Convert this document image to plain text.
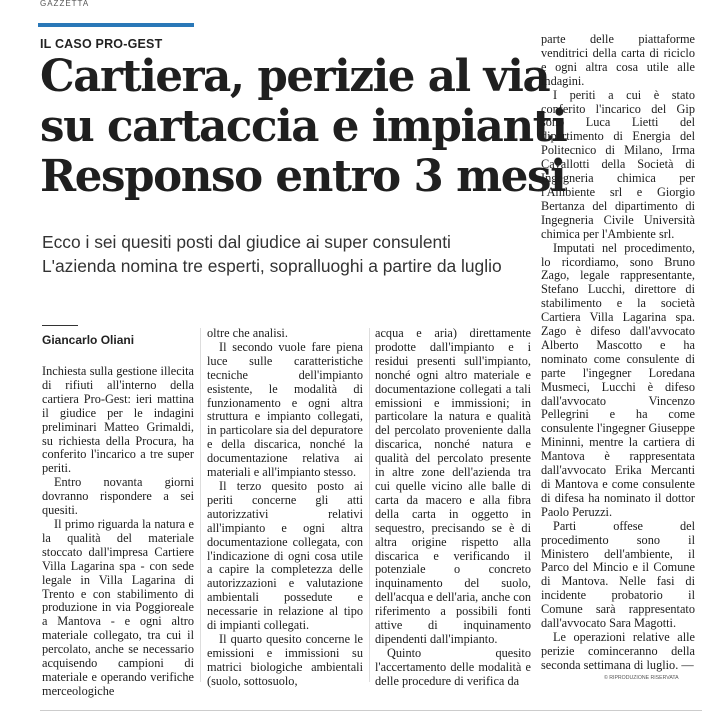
GAZZETTA
IL CASO PRO-GEST
Cartiera, perizie al via
su cartaccia e impianti
Responso entro 3 mesi
Ecco i sei quesiti posti dal giudice ai super consulenti
L'azienda nomina tre esperti, sopralluoghi a partire da luglio
Giancarlo Oliani

Inchiesta sulla gestione illecita di rifiuti all'interno della cartiera Pro-Gest: ieri mattina il giudice per le indagini preliminari Matteo Grimaldi, su richiesta della Procura, ha conferito l'incarico a tre super periti.

Entro novanta giorni dovranno rispondere a sei quesiti.

Il primo riguarda la natura e la qualità del materiale stoccato dall'impresa Cartiere Villa Lagarina spa - con sede legale in Villa Lagarina di Trento e con stabilimento di produzione in via Poggioreale a Mantova - e ogni altro materiale collegato, tra cui il percolato, anche se necessario acquisendo campioni di materiale e operando verifiche merceologiche

oltre che analisi.

Il secondo vuole fare piena luce sulle caratteristiche tecniche dell'impianto esistente, le modalità di funzionamento e ogni altra struttura e impianto collegati, in particolare sia del depuratore e della discarica, nonché la documentazione relativa ai materiali e all'impianto stesso.

Il terzo quesito posto ai periti concerne gli atti autorizzativi relativi all'impianto e ogni altra documentazione collegata, con l'indicazione di ogni cosa utile a capire la completezza delle autorizzazioni e valutazione ambientali possedute e necessarie in relazione al tipo di impianti collegati.

Il quarto quesito concerne le emissioni e immissioni su matrici biologiche ambientali (suolo, sottosuolo,

acqua e aria) direttamente prodotte dall'impianto e i residui presenti sull'impianto, nonché ogni altro materiale e documentazione collegati a tali emissioni e immissioni; in particolare la natura e qualità del percolato proveniente dalla discarica, nonché natura e qualità del percolato presente in altre zone dell'azienda tra cui quelle vicino alle balle di carta da macero e alla fibra della carta in oggetto in sequestro, precisando se è di altra origine rispetto alla discarica e verificando il potenziale o concreto inquinamento del suolo, dell'acqua e dell'aria, anche con riferimento a possibili fonti attive di inquinamento dipendenti dall'impianto.

Quinto quesito l'accertamento delle modalità e delle procedure di verifica da

parte delle piattaforme venditrici della carta di riciclo e ogni altra cosa utile alle indagini.

I periti a cui è stato conferito l'incarico del Gip sono Luca Lietti del dipartimento di Energia del Politecnico di Milano, Irma Cavallotti della Società di Ingegneria chimica per l'Ambiente srl e Giorgio Bertanza del dipartimento di Ingegneria Civile Università chimica per l'Ambiente srl.

Imputati nel procedimento, lo ricordiamo, sono Bruno Zago, legale rappresentante, Stefano Lucchi, direttore di stabilimento e la società Cartiera Villa Lagarina spa. Zago è difeso dall'avvocato Alberto Mascotto e ha nominato come consulente di parte l'ingegner Loredana Musmeci, Lucchi è difeso dall'avvocato Vincenzo Pellegrini e ha come consulente l'ingegner Giuseppe Mininni, mentre la cartiera di Mantova è rappresentata dall'avvocato Erika Mercanti di Mantova e come consulente di difesa ha nominato il dottor Paolo Peruzzi.

Parti offese del procedimento sono il Ministero dell'ambiente, il Parco del Mincio e il Comune di Mantova. Nelle fasi di incidente probatorio il Comune sarà rappresentato dall'avvocato Sara Magotti.

Le operazioni relative alle perizie cominceranno della seconda settimana di luglio. —

© RIPRODUZIONE RISERVATA
